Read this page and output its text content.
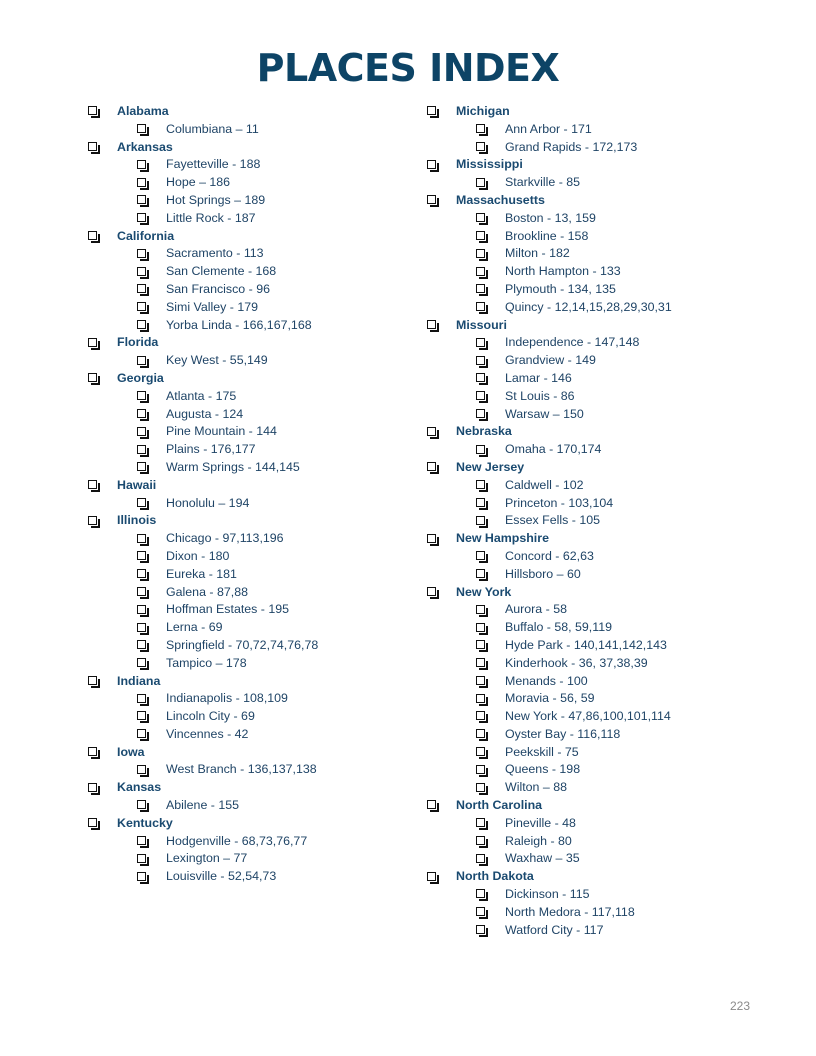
PLACES INDEX
Alabama
Columbiana – 11
Arkansas
Fayetteville - 188
Hope – 186
Hot Springs – 189
Little Rock - 187
California
Sacramento - 113
San Clemente - 168
San Francisco - 96
Simi Valley - 179
Yorba Linda - 166,167,168
Florida
Key West - 55,149
Georgia
Atlanta - 175
Augusta - 124
Pine Mountain - 144
Plains - 176,177
Warm Springs - 144,145
Hawaii
Honolulu – 194
Illinois
Chicago - 97,113,196
Dixon - 180
Eureka - 181
Galena - 87,88
Hoffman Estates - 195
Lerna - 69
Springfield - 70,72,74,76,78
Tampico – 178
Indiana
Indianapolis - 108,109
Lincoln City - 69
Vincennes - 42
Iowa
West Branch - 136,137,138
Kansas
Abilene - 155
Kentucky
Hodgenville - 68,73,76,77
Lexington – 77
Louisville - 52,54,73
Michigan
Ann Arbor - 171
Grand Rapids - 172,173
Mississippi
Starkville - 85
Massachusetts
Boston - 13, 159
Brookline - 158
Milton - 182
North Hampton - 133
Plymouth - 134, 135
Quincy - 12,14,15,28,29,30,31
Missouri
Independence - 147,148
Grandview - 149
Lamar - 146
St Louis - 86
Warsaw – 150
Nebraska
Omaha - 170,174
New Jersey
Caldwell - 102
Princeton - 103,104
Essex Fells - 105
New Hampshire
Concord - 62,63
Hillsboro – 60
New York
Aurora - 58
Buffalo - 58, 59,119
Hyde Park - 140,141,142,143
Kinderhook - 36, 37,38,39
Menands - 100
Moravia - 56, 59
New York - 47,86,100,101,114
Oyster Bay - 116,118
Peekskill - 75
Queens - 198
Wilton – 88
North Carolina
Pineville - 48
Raleigh - 80
Waxhaw – 35
North Dakota
Dickinson - 115
North Medora - 117,118
Watford City - 117
223
